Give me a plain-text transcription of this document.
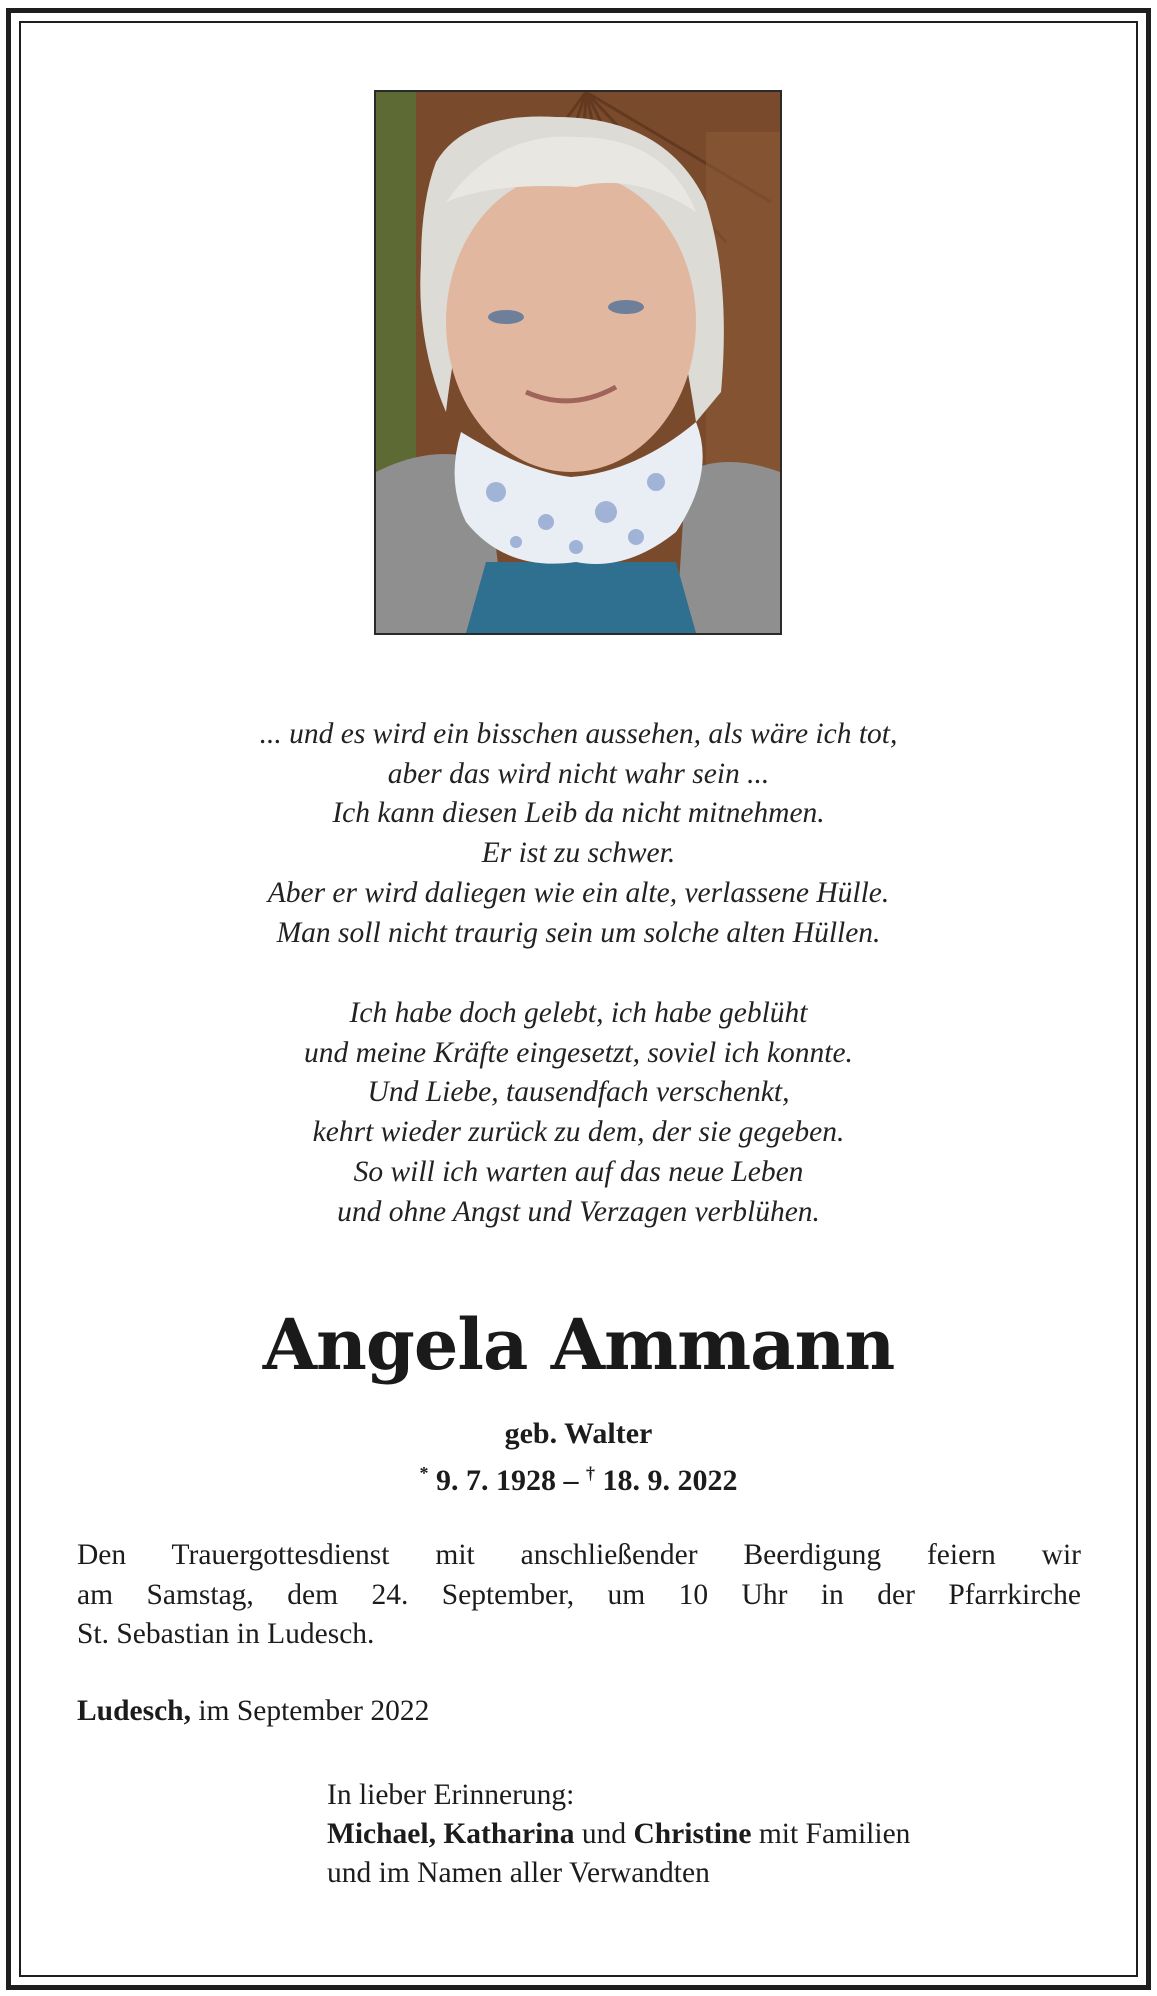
... und es wird ein bisschen aussehen, als wäre ich tot,
aber das wird nicht wahr sein ...
Ich kann diesen Leib da nicht mitnehmen.
Er ist zu schwer.
Aber er wird daliegen wie ein alte, verlassene Hülle.
Man soll nicht traurig sein um solche alten Hüllen.
Ich habe doch gelebt, ich habe geblüht
und meine Kräfte eingesetzt, soviel ich konnte.
Und Liebe, tausendfach verschenkt,
kehrt wieder zurück zu dem, der sie gegeben.
So will ich warten auf das neue Leben
und ohne Angst und Verzagen verblühen.
Angela Ammann
geb. Walter
* 9. 7. 1928 – † 18. 9. 2022
Den Trauergottesdienst mit anschließender Beerdigung feiern wir
am Samstag, dem 24. September, um 10 Uhr in der Pfarrkirche
St. Sebastian in Ludesch.
Ludesch, im September 2022
In lieber Erinnerung:
Michael, Katharina und Christine mit Familien
und im Namen aller Verwandten
